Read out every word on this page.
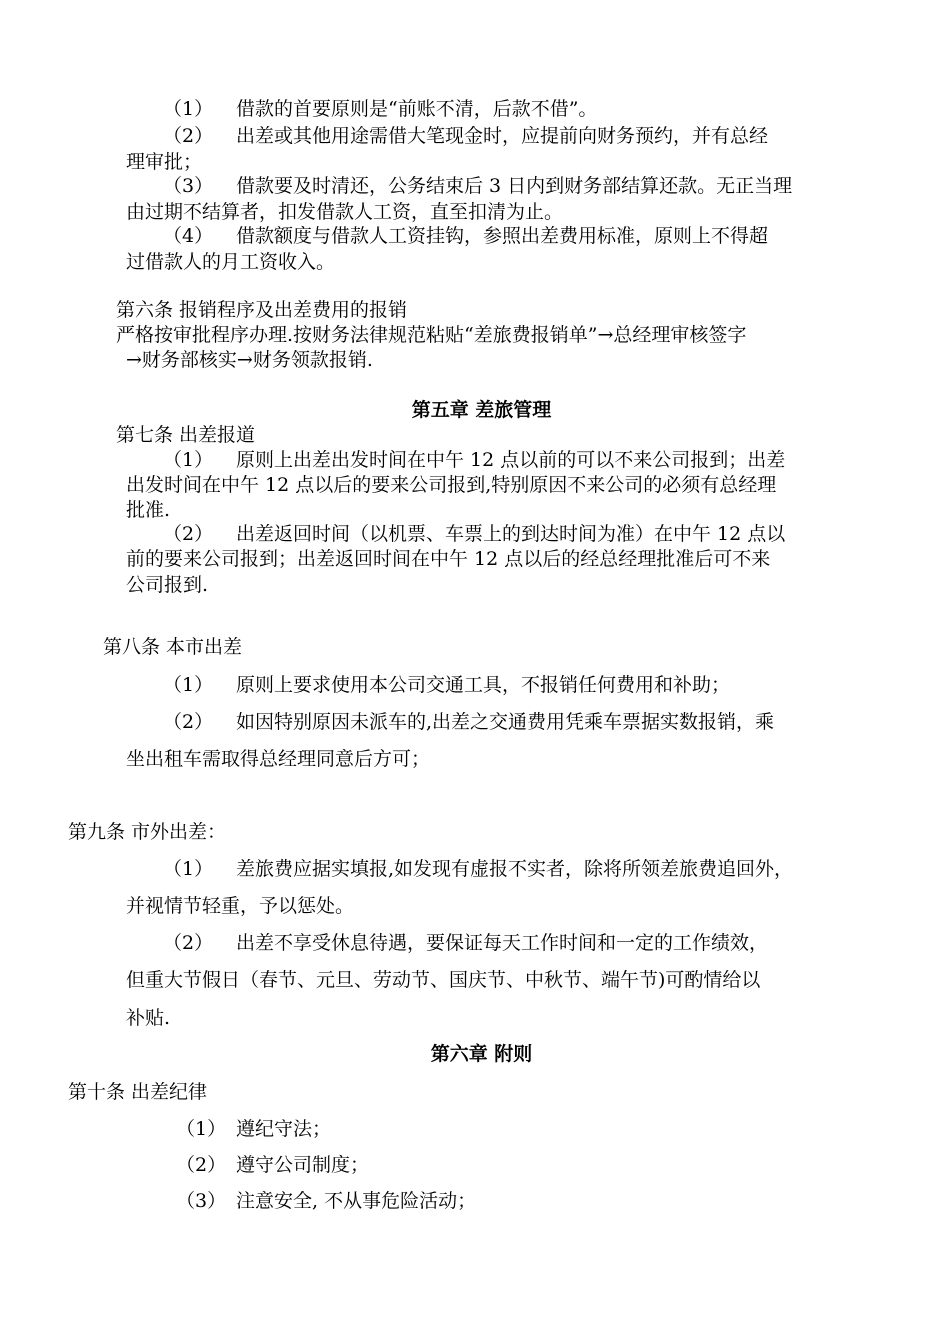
（1） 借款的首要原则是“前账不清，后款不借”。
（2） 出差或其他用途需借大笔现金时，应提前向财务预约，并有总经
理审批；
（3） 借款要及时清还，公务结束后 3 日内到财务部结算还款。无正当理
由过期不结算者，扣发借款人工资，直至扣清为止。
（4） 借款额度与借款人工资挂钩，参照出差费用标准，原则上不得超
过借款人的月工资收入。
第六条 报销程序及出差费用的报销
严格按审批程序办理.按财务法律规范粘贴“差旅费报销单”→总经理审核签字
→财务部核实→财务领款报销.
第五章 差旅管理
第七条 出差报道
（1） 原则上出差出发时间在中午 12 点以前的可以不来公司报到；出差
出发时间在中午 12 点以后的要来公司报到,特别原因不来公司的必须有总经理
批准.
（2） 出差返回时间（以机票、车票上的到达时间为准）在中午 12 点以
前的要来公司报到；出差返回时间在中午 12 点以后的经总经理批准后可不来
公司报到.
第八条 本市出差
（1） 原则上要求使用本公司交通工具，不报销任何费用和补助；
（2） 如因特别原因未派车的,出差之交通费用凭乘车票据实数报销，乘
坐出租车需取得总经理同意后方可；
第九条 市外出差：
（1） 差旅费应据实填报,如发现有虚报不实者，除将所领差旅费追回外，
并视情节轻重，予以惩处。
（2） 出差不享受休息待遇，要保证每天工作时间和一定的工作绩效，
但重大节假日（春节、元旦、劳动节、国庆节、中秋节、端午节)可酌情给以
补贴.
第六章 附则
第十条 出差纪律
（1） 遵纪守法；
（2） 遵守公司制度；
（3） 注意安全, 不从事危险活动；
